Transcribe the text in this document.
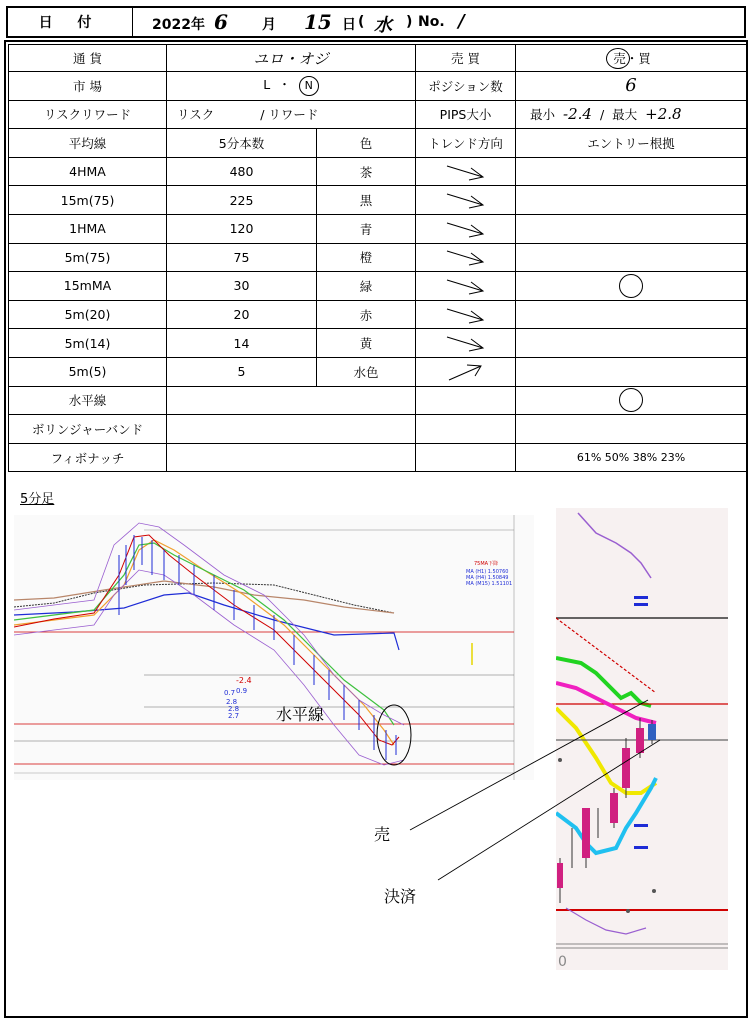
日 付	2022年 6 月 15 日 ( 水 ) No. /
通 貨	ユロ・オジ		売 買	売・買

市 場	L ・ N		ポジション数	6
リスクリワード	リスク / リワード		PIPS大小	最小 -2.4 / 最大 +2.8
平均線	5分本数	色	トレンド方向	エントリー根拠
4HMA	480	茶	

15m(75)	225	黒	

1HMA	120	青	

5m(75)	75	橙	

15mMA	30	緑	

5m(20)	20	赤	

5m(14)	14	黄	

5m(5)	5	水色	

水平線				

ボリンジャーバンド				
フィボナッチ				61% 50% 38% 23%
5分足
-2.4
0.9
0.7
2.8
2.8
2.7 水平線
75MA下降
MA (H1) 1.50760
MA (H4) 1.50849
MA (M15) 1.51101
0
売
決済
